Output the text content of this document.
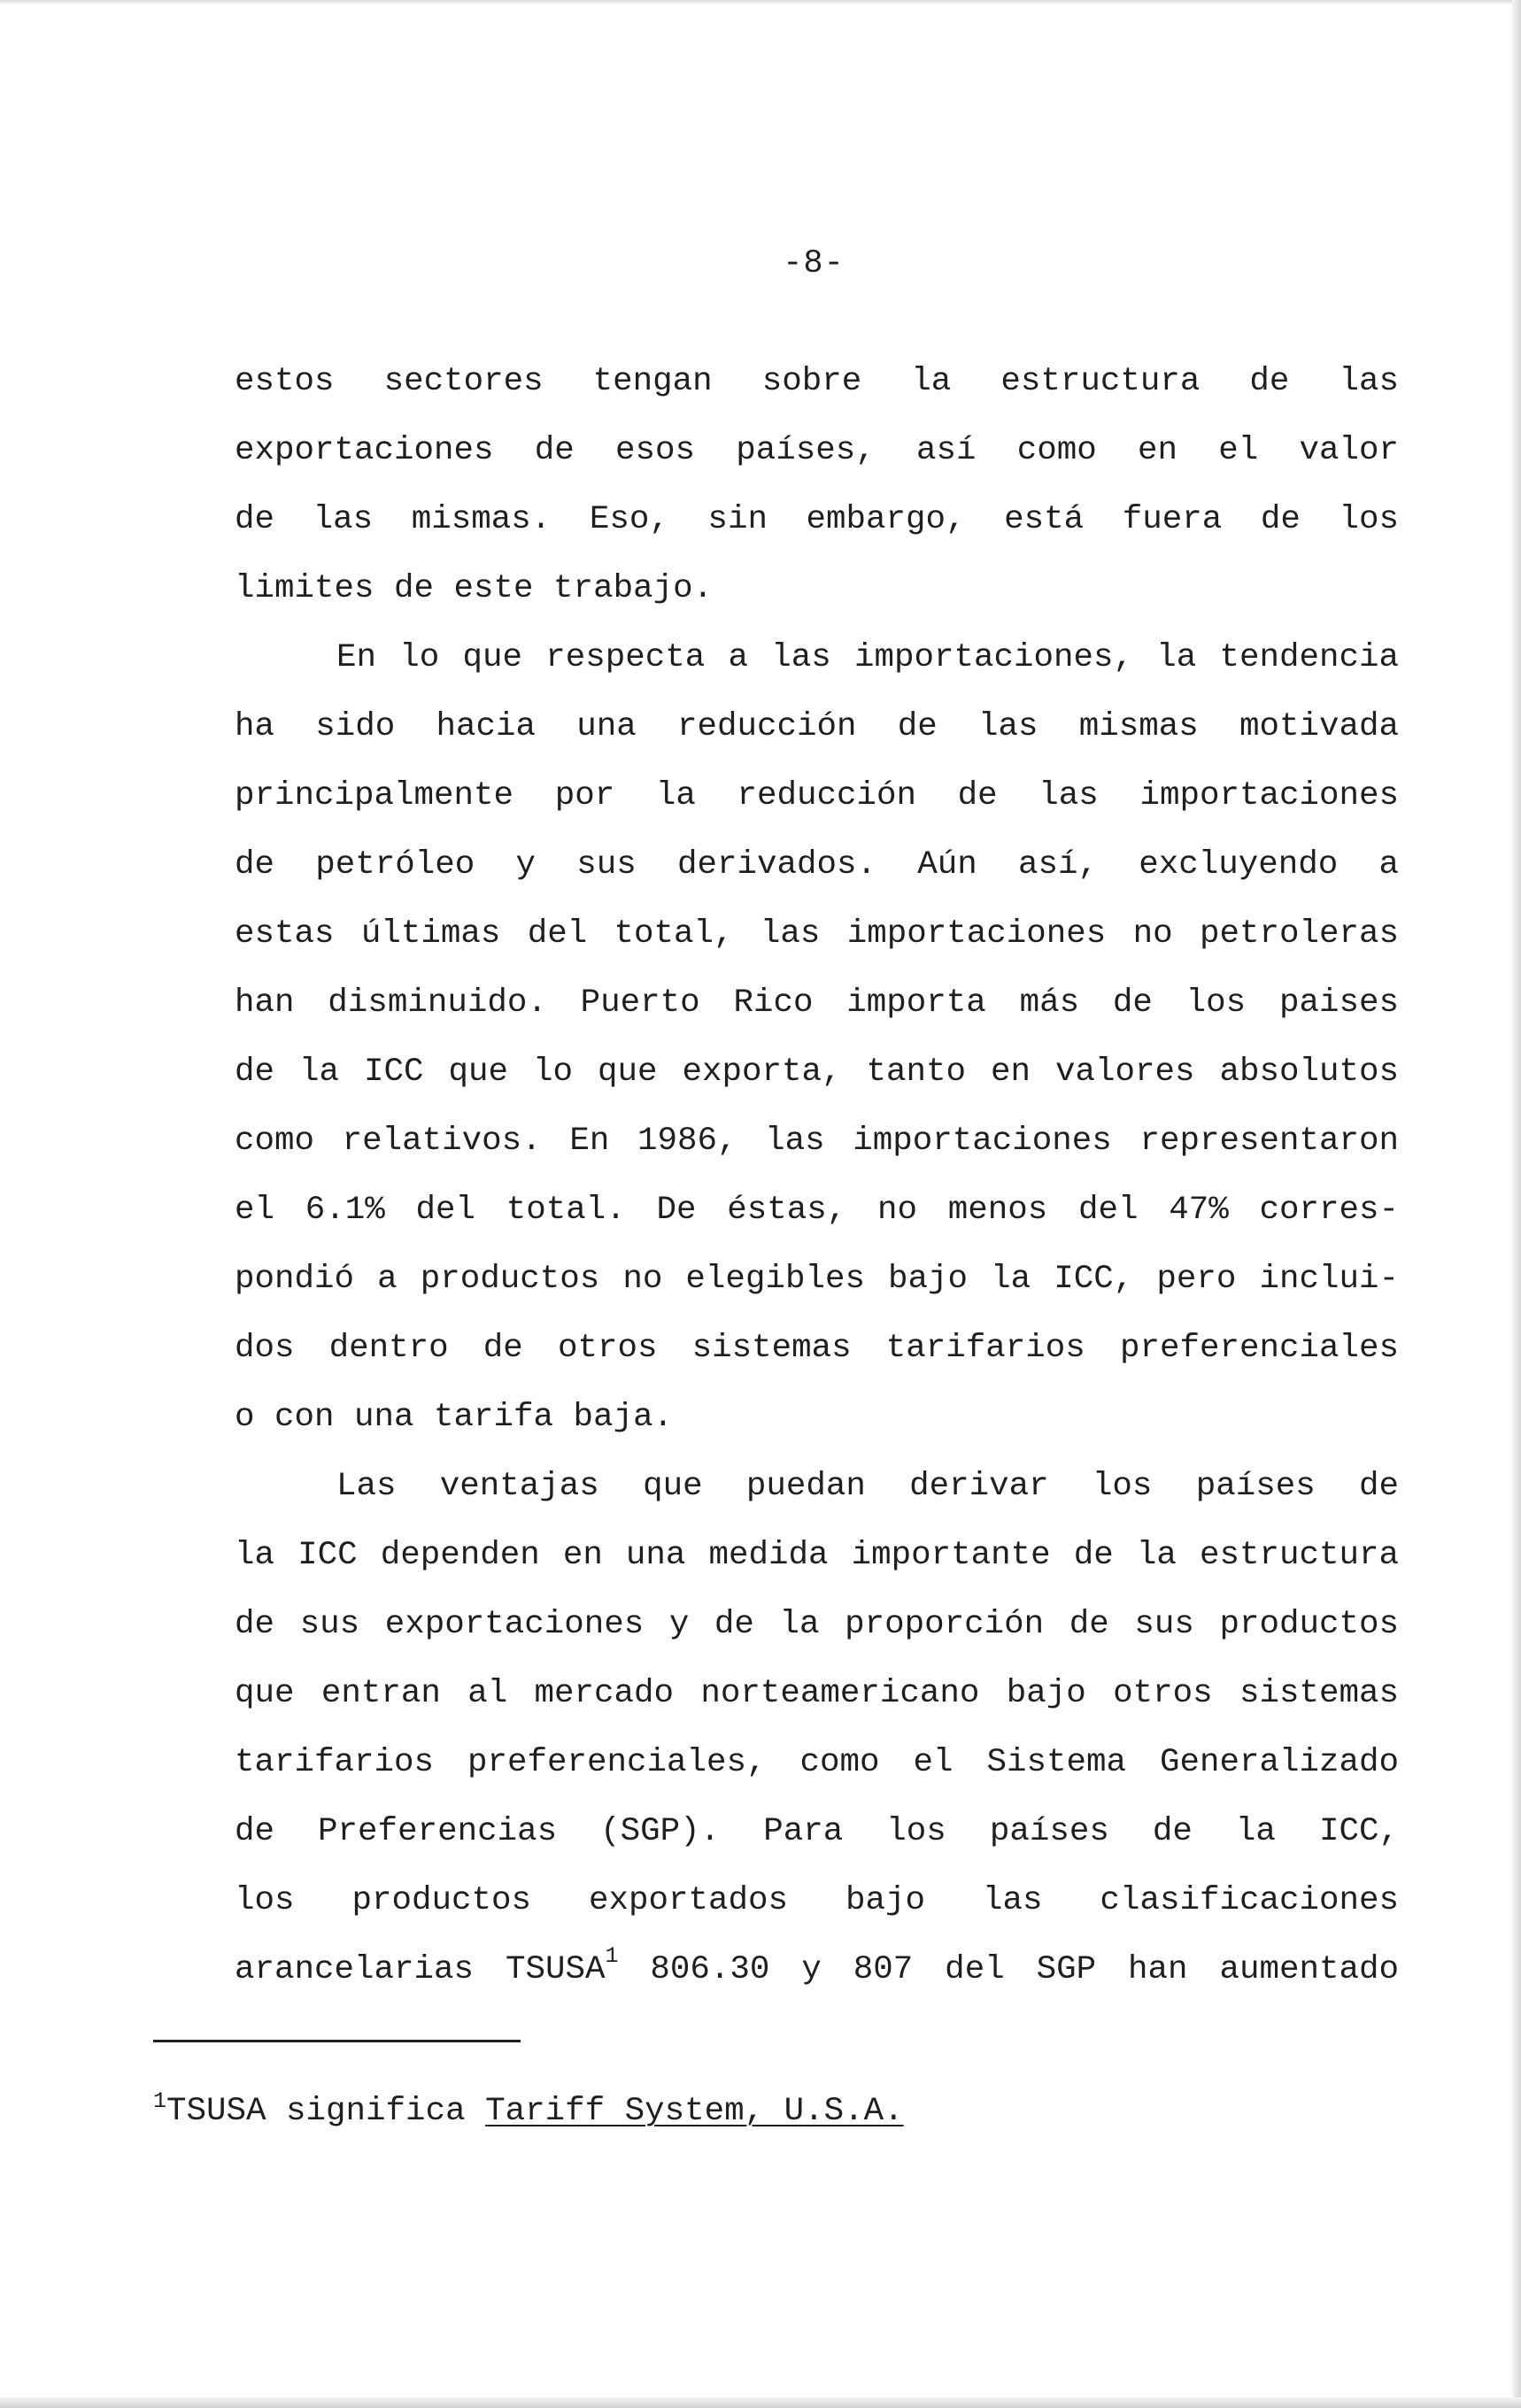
-8-
estos sectores tengan sobre la estructura de las
exportaciones de esos países, así como en el valor
de las mismas. Eso, sin embargo, está fuera de los
limites de este trabajo.
En lo que respecta a las importaciones, la tendencia
ha sido hacia una reducción de las mismas motivada
principalmente por la reducción de las importaciones
de petróleo y sus derivados. Aún así, excluyendo a
estas últimas del total, las importaciones no petroleras
han disminuido. Puerto Rico importa más de los paises
de la ICC que lo que exporta, tanto en valores absolutos
como relativos. En 1986, las importaciones representaron
el 6.1% del total. De éstas, no menos del 47% corres-
pondió a productos no elegibles bajo la ICC, pero inclui-
dos dentro de otros sistemas tarifarios preferenciales
o con una tarifa baja.
Las ventajas que puedan derivar los países de
la ICC dependen en una medida importante de la estructura
de sus exportaciones y de la proporción de sus productos
que entran al mercado norteamericano bajo otros sistemas
tarifarios preferenciales, como el Sistema Generalizado
de Preferencias (SGP). Para los países de la ICC,
los productos exportados bajo las clasificaciones
arancelarias TSUSA$^1$ 806.30 y 807 del SGP han aumentado
$^1$TSUSA significa Tariff System, U.S.A.
